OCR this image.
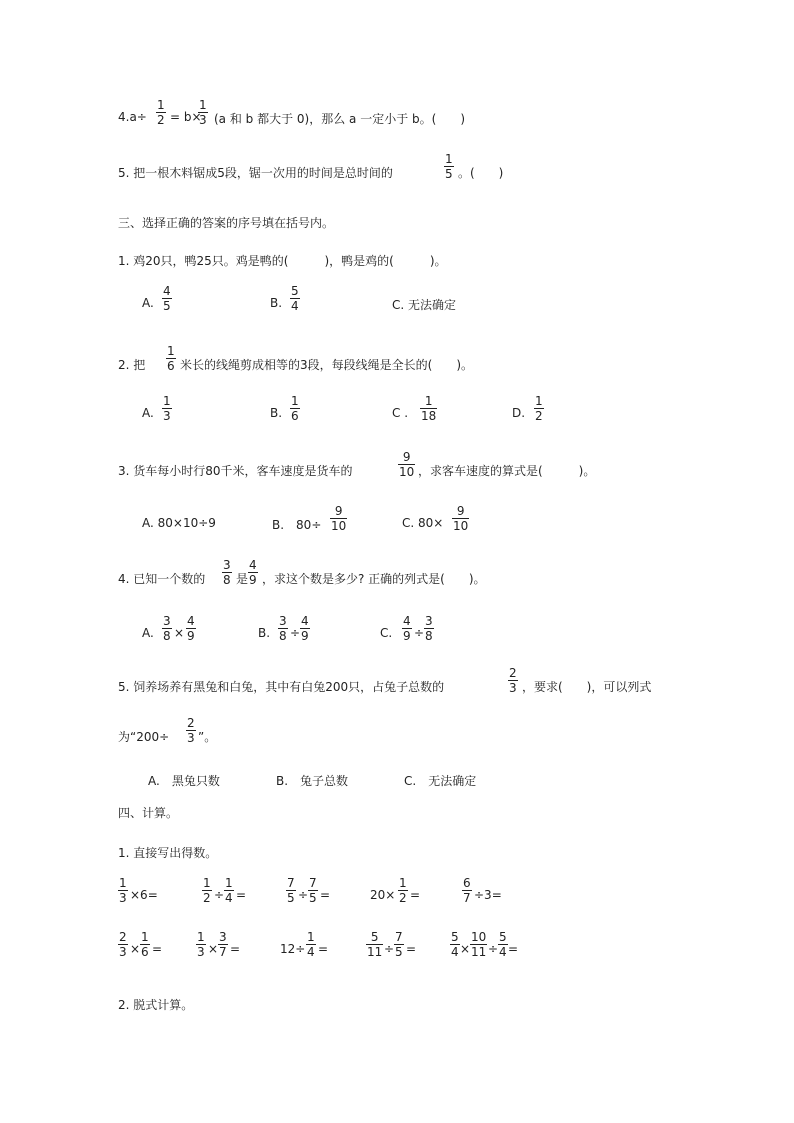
$4.a\div \frac{1}{2} = b\times$
$\frac{1}{3} (a$ 和 b 都大于 0)，那么 a 一定小于 b。(　　)
5. 把一根木料锯成5段，锯一次用的时间是总时间的	$\frac{1}{5}$ 。(　　)
三、选择正确的答案的序号填在括号内。
1. 鸡20只，鸭25只。鸡是鸭的(　　　)，鸭是鸡的(　　　)。
A. $\frac{4}{5}$	B. $\frac{5}{4}$	C. 无法确定
2. 把 $\frac{1}{6}$ 米长的线绳剪成相等的3段，每段线绳是全长的(　　)。
A. $\frac{1}{3}$	B. $\frac{1}{6}$	C . $\frac{1}{18}$	D. $\frac{1}{2}$
3. 货车每小时行80千米，客车速度是货车的	$\frac{9}{10}$ ，求客车速度的算式是(　　　)。
A. 80×10÷9	B.　$80\div \frac{9}{10}$	C. $80\times \frac{9}{10}$
4. 已知一个数的 $\frac{3}{8}$ 是 $\frac{4}{9}$ ，求这个数是多少? 正确的列式是(　　)。
A. $\frac{3}{8} \times \frac{4}{9}$	B. $\frac{3}{8} \div \frac{4}{9}$	C. $\frac{4}{9} \div \frac{3}{8}$
5. 饲养场养有黑兔和白兔，其中有白兔200只，占兔子总数的	$\frac{2}{3}$ ，要求(　　)，可以列式
为“$200\div \frac{2}{3}$ ”。
A.　黑兔只数	B.　兔子总数	C.　无法确定
四、计算。
1. 直接写出得数。
$\frac{1}{3} \times 6=$	$\frac{1}{2} \div \frac{1}{4}$ =	$\frac{7}{5} \div \frac{7}{5}$ =	$20\times \frac{1}{2}$ =	$\frac{6}{7} \div 3=$
$\frac{2}{3} \times \frac{1}{6}$ =	$\frac{1}{3} \times \frac{3}{7}$ =	$12\div \frac{1}{4}$ =	$\frac{5}{11} \div \frac{7}{5}$ =	$\frac{5}{4} \times \frac{10}{11} \div \frac{5}{4}$ =
2. 脱式计算。
